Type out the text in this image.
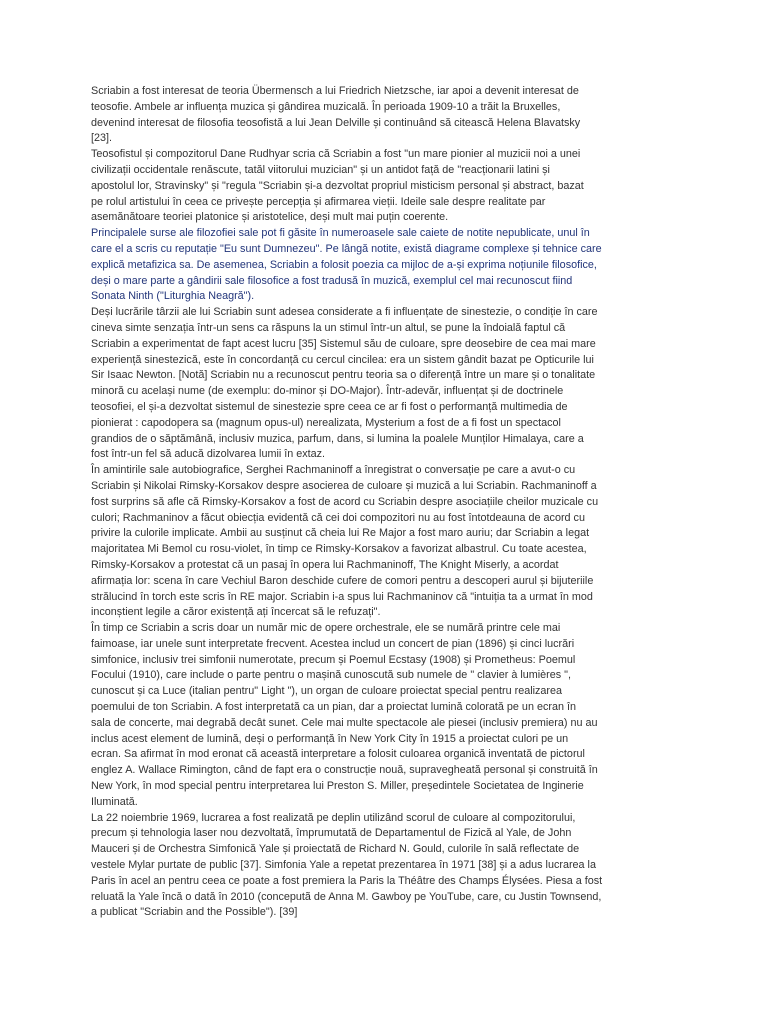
Scriabin a fost interesat de teoria Übermensch a lui Friedrich Nietzsche, iar apoi a devenit interesat de
teosofie. Ambele ar influența muzica și gândirea muzicală. În perioada 1909-10 a trăit la Bruxelles,
devenind interesat de filosofia teosofistă a lui Jean Delville și continuând să citească Helena Blavatsky
[23].
Teosofistul și compozitorul Dane Rudhyar scria că Scriabin a fost "un mare pionier al muzicii noi a unei
civilizații occidentale renăscute, tatăl viitorului muzician" și un antidot față de "reacționarii latini și
apostolul lor, Stravinsky" și "regula "Scriabin și-a dezvoltat propriul misticism personal și abstract, bazat
pe rolul artistului în ceea ce privește percepția și afirmarea vieții. Ideile sale despre realitate par
asemănătoare teoriei platonice și aristotelice, deși mult mai puțin coerente.
Principalele surse ale filozofiei sale pot fi găsite în numeroasele sale caiete de notite nepublicate, unul în
care el a scris cu reputație "Eu sunt Dumnezeu". Pe lângă notite, există diagrame complexe și tehnice care
explică metafizica sa. De asemenea, Scriabin a folosit poezia ca mijloc de a-și exprima noțiunile filosofice,
deși o mare parte a gândirii sale filosofice a fost tradusă în muzică, exemplul cel mai recunoscut fiind
Sonata Ninth ("Liturghia Neagră").
Deși lucrările târzii ale lui Scriabin sunt adesea considerate a fi influențate de sinestezie, o condiție în care
cineva simte senzația într-un sens ca răspuns la un stimul într-un altul, se pune la îndoială faptul că
Scriabin a experimentat de fapt acest lucru [35] Sistemul său de culoare, spre deosebire de cea mai mare
experiență sinestezică, este în concordanță cu cercul cincilea: era un sistem gândit bazat pe Opticurile lui
Sir Isaac Newton. [Notă] Scriabin nu a recunoscut pentru teoria sa o diferență între un mare și o tonalitate
minoră cu același nume (de exemplu: do-minor și DO-Major). Într-adevăr, influențat și de doctrinele
teosofiei, el și-a dezvoltat sistemul de sinestezie spre ceea ce ar fi fost o performanță multimedia de
pionierat : capodopera sa (magnum opus-ul) nerealizata, Mysterium a fost de a fi fost un spectacol
grandios de o săptămână, inclusiv muzica, parfum, dans, si lumina la poalele Munților Himalaya, care a
fost într-un fel să aducă dizolvarea lumii în extaz.
În amintirile sale autobiografice, Serghei Rachmaninoff a înregistrat o conversație pe care a avut-o cu
Scriabin și Nikolai Rimsky-Korsakov despre asocierea de culoare și muzică a lui Scriabin. Rachmaninoff a
fost surprins să afle că Rimsky-Korsakov a fost de acord cu Scriabin despre asociațiile cheilor muzicale cu
culori; Rachmaninov a făcut obiecția evidentă că cei doi compozitori nu au fost întotdeauna de acord cu
privire la culorile implicate. Ambii au susținut că cheia lui Re Major a fost maro auriu; dar Scriabin a legat
majoritatea Mi Bemol cu rosu-violet, în timp ce Rimsky-Korsakov a favorizat albastrul. Cu toate acestea,
Rimsky-Korsakov a protestat că un pasaj în opera lui Rachmaninoff, The Knight Miserly, a acordat
afirmația lor: scena în care Vechiul Baron deschide cufere de comori pentru a descoperi aurul și bijuteriile
strălucind în torch este scris în RE major. Scriabin i-a spus lui Rachmaninov că "intuiția ta a urmat în mod
inconștient legile a căror existență ați încercat să le refuzați".
În timp ce Scriabin a scris doar un număr mic de opere orchestrale, ele se numără printre cele mai
faimoase, iar unele sunt interpretate frecvent. Acestea includ un concert de pian (1896) și cinci lucrări
simfonice, inclusiv trei simfonii numerotate, precum și Poemul Ecstasy (1908) și Prometheus: Poemul
Focului (1910), care include o parte pentru o mașină cunoscută sub numele de " clavier à lumières ",
cunoscut și ca Luce (italian pentru" Light "), un organ de culoare proiectat special pentru realizarea
poemului de ton Scriabin. A fost interpretată ca un pian, dar a proiectat lumină colorată pe un ecran în
sala de concerte, mai degrabă decât sunet. Cele mai multe spectacole ale piesei (inclusiv premiera) nu au
inclus acest element de lumină, deși o performanță în New York City în 1915 a proiectat culori pe un
ecran. Sa afirmat în mod eronat că această interpretare a folosit culoarea organică inventată de pictorul
englez A. Wallace Rimington, când de fapt era o construcție nouă, supravegheată personal și construită în
New York, în mod special pentru interpretarea lui Preston S. Miller, președintele Societatea de Inginerie
Iluminată.
La 22 noiembrie 1969, lucrarea a fost realizată pe deplin utilizând scorul de culoare al compozitorului,
precum și tehnologia laser nou dezvoltată, împrumutată de Departamentul de Fizică al Yale, de John
Mauceri și de Orchestra Simfonică Yale și proiectată de Richard N. Gould, culorile în sală reflectate de
vestele Mylar purtate de public [37]. Simfonia Yale a repetat prezentarea în 1971 [38] și a adus lucrarea la
Paris în acel an pentru ceea ce poate a fost premiera la Paris la Théâtre des Champs Élysées. Piesa a fost
reluată la Yale încă o dată în 2010 (conceputã de Anna M. Gawboy pe YouTube, care, cu Justin Townsend,
a publicat "Scriabin and the Possible"). [39]
